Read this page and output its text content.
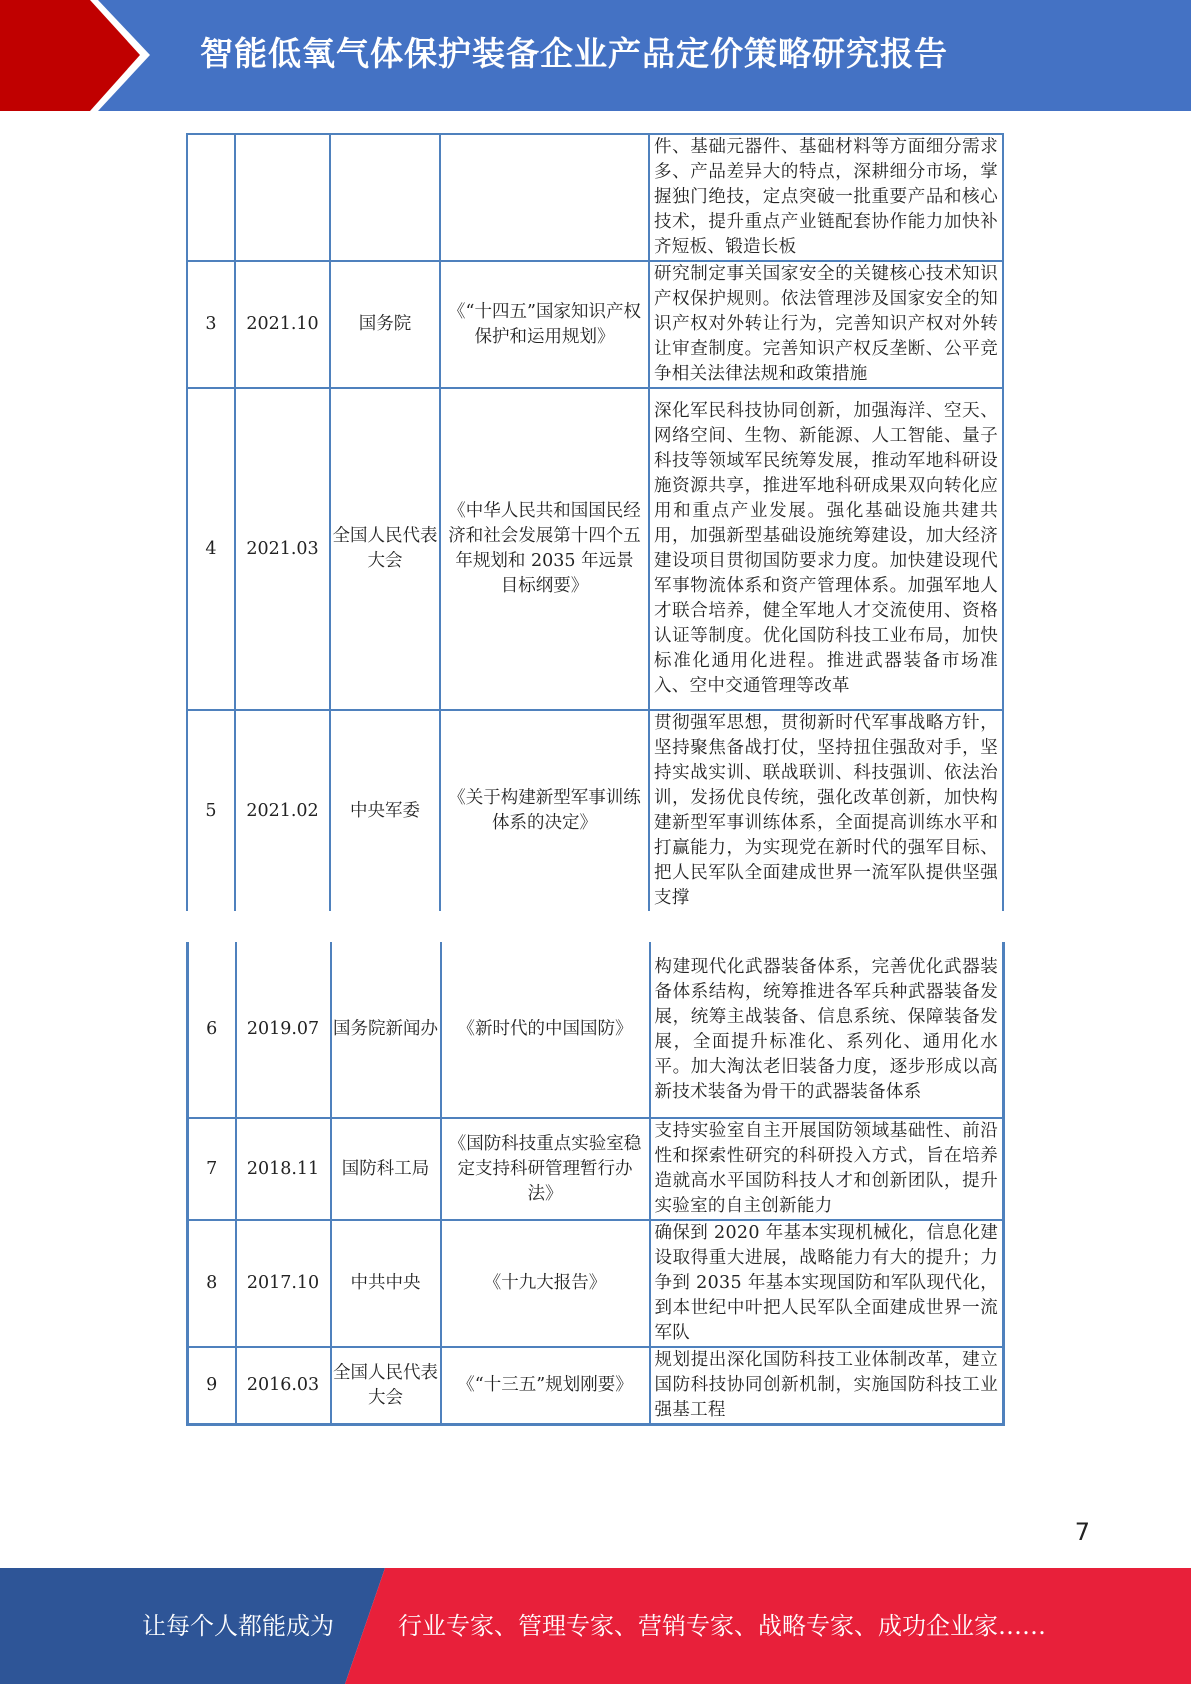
智能低氧气体保护装备企业产品定价策略研究报告
				件、基础元器件、基础材料等方面细分需求多、产品差异大的特点，深耕细分市场，掌握独门绝技，定点突破一批重要产品和核心技术，提升重点产业链配套协作能力加快补齐短板、锻造长板
3	2021.10	国务院	《“十四五”国家知识产权保护和运用规划》	研究制定事关国家安全的关键核心技术知识产权保护规则。依法管理涉及国家安全的知识产权对外转让行为，完善知识产权对外转让审查制度。完善知识产权反垄断、公平竞争相关法律法规和政策措施
4	2021.03	全国人民代表大会	《中华人民共和国国民经济和社会发展第十四个五年规划和 2035 年远景目标纲要》	深化军民科技协同创新，加强海洋、空天、网络空间、生物、新能源、人工智能、量子科技等领域军民统筹发展，推动军地科研设施资源共享，推进军地科研成果双向转化应用和重点产业发展。强化基础设施共建共用，加强新型基础设施统筹建设，加大经济建设项目贯彻国防要求力度。加快建设现代军事物流体系和资产管理体系。加强军地人才联合培养，健全军地人才交流使用、资格认证等制度。优化国防科技工业布局，加快标准化通用化进程。推进武器装备市场准入、空中交通管理等改革
5	2021.02	中央军委	《关于构建新型军事训练体系的决定》	贯彻强军思想，贯彻新时代军事战略方针，坚持聚焦备战打仗，坚持扭住强敌对手，坚持实战实训、联战联训、科技强训、依法治训，发扬优良传统，强化改革创新，加快构建新型军事训练体系，全面提高训练水平和打赢能力，为实现党在新时代的强军目标、把人民军队全面建成世界一流军队提供坚强支撑
6	2019.07	国务院新闻办	《新时代的中国国防》	构建现代化武器装备体系，完善优化武器装备体系结构，统筹推进各军兵种武器装备发展，统筹主战装备、信息系统、保障装备发展，全面提升标准化、系列化、通用化水平。加大淘汰老旧装备力度，逐步形成以高新技术装备为骨干的武器装备体系
7	2018.11	国防科工局	《国防科技重点实验室稳定支持科研管理暂行办法》	支持实验室自主开展国防领域基础性、前沿性和探索性研究的科研投入方式，旨在培养造就高水平国防科技人才和创新团队，提升实验室的自主创新能力
8	2017.10	中共中央	《十九大报告》	确保到 2020 年基本实现机械化，信息化建设取得重大进展，战略能力有大的提升；力争到 2035 年基本实现国防和军队现代化，到本世纪中叶把人民军队全面建成世界一流军队
9	2016.03	全国人民代表大会	《“十三五”规划刚要》	规划提出深化国防科技工业体制改革，建立国防科技协同创新机制，实施国防科技工业强基工程
7
让每个人都能成为	行业专家、管理专家、营销专家、战略专家、成功企业家……
